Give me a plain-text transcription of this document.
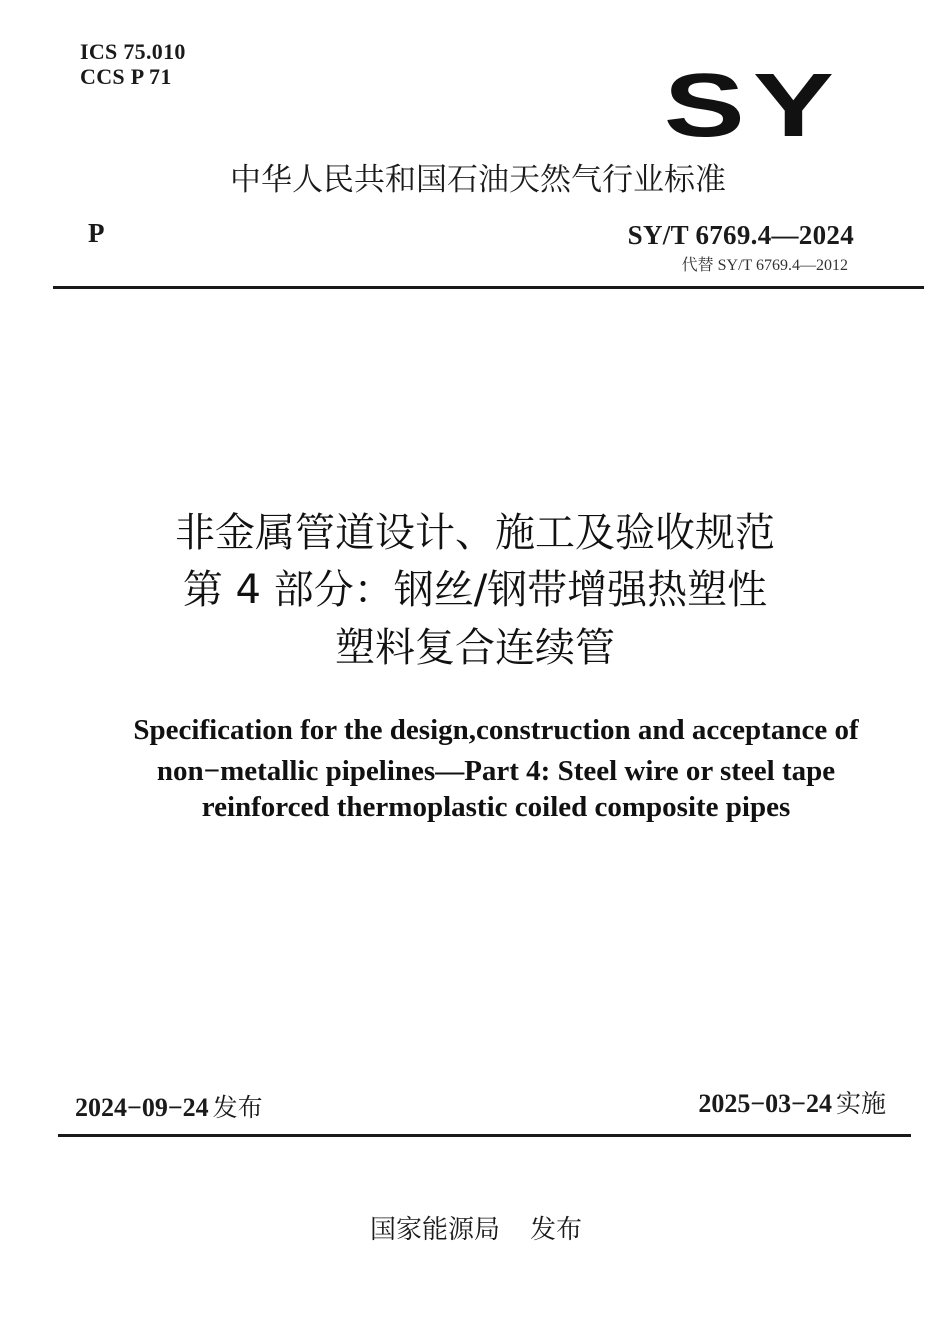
ICS 75.010
CCS P 71	SY
中华人民共和国石油天然气行业标准
P	SY/T 6769.4—2024
代替 SY/T 6769.4—2012
非金属管道设计、施工及验收规范
第 4 部分：钢丝/钢带增强热塑性
塑料复合连续管
Specification for the design,construction and acceptance of
non−metallic pipelines—Part 4: Steel wire or steel tape
reinforced thermoplastic coiled composite pipes
2024−09−24 发布	2025−03−24 实施
国家能源局 发布
